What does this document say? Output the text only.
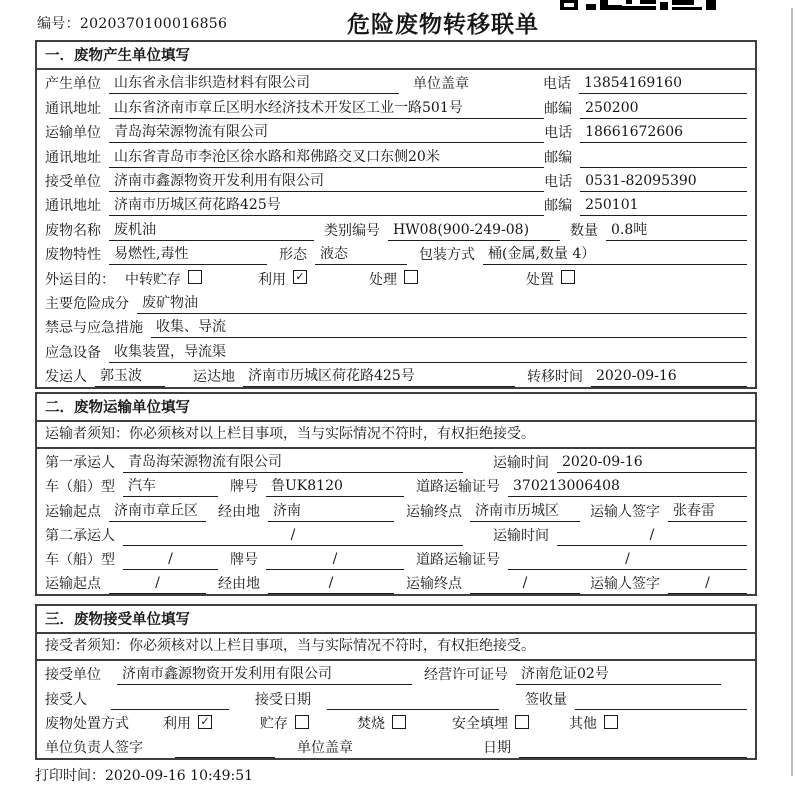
编号：2020370100016856	危险废物转移联单
一．废物产生单位填写
产生单位 山东省永信非织造材料有限公司	单位盖章	电话 13854169160
通讯地址 山东省济南市章丘区明水经济技术开发区工业一路501号	邮编 250200
运输单位 青岛海荣源物流有限公司	电话 18661672606
通讯地址 山东省青岛市李沧区徐水路和郑佛路交叉口东侧20米	邮编
接受单位 济南市鑫源物资开发利用有限公司	电话 0531-82095390
通讯地址 济南市历城区荷花路425号	邮编 250101
废物名称 废机油	类别编号 HW08(900-249-08)	数量 0.8吨
废物特性 易燃性,毒性	形态 液态	包装方式 桶(金属,数量 4）
外运目的： 中转贮存	利用 ✓	处理	处置
主要危险成分 废矿物油
禁忌与应急措施 收集、导流
应急设备 收集装置，导流渠
发运人 郭玉波	运达地 济南市历城区荷花路425号	转移时间 2020-09-16
二．废物运输单位填写
运输者须知：你必须核对以上栏目事项，当与实际情况不符时，有权拒绝接受。
第一承运人 青岛海荣源物流有限公司	运输时间 2020-09-16
车（船）型 汽车	牌号 鲁UK8120	道路运输证号 370213006408
运输起点 济南市章丘区	经由地 济南	运输终点 济南市历城区	运输人签字 张春雷
第二承运人	/	运输时间	/
车（船）型	/	牌号	/	道路运输证号	/
运输起点	/	经由地	/	运输终点	/	运输人签字	/
三．废物接受单位填写
接受者须知：你必须核对以上栏目事项，当与实际情况不符时，有权拒绝接受。
接受单位	济南市鑫源物资开发利用有限公司	经营许可证号 济南危证02号
接受人	接受日期	签收量
废物处置方式 利用 ✓	贮存	焚烧	安全填埋	其他
单位负责人签字	单位盖章	日期
打印时间：2020-09-16 10:49:51
